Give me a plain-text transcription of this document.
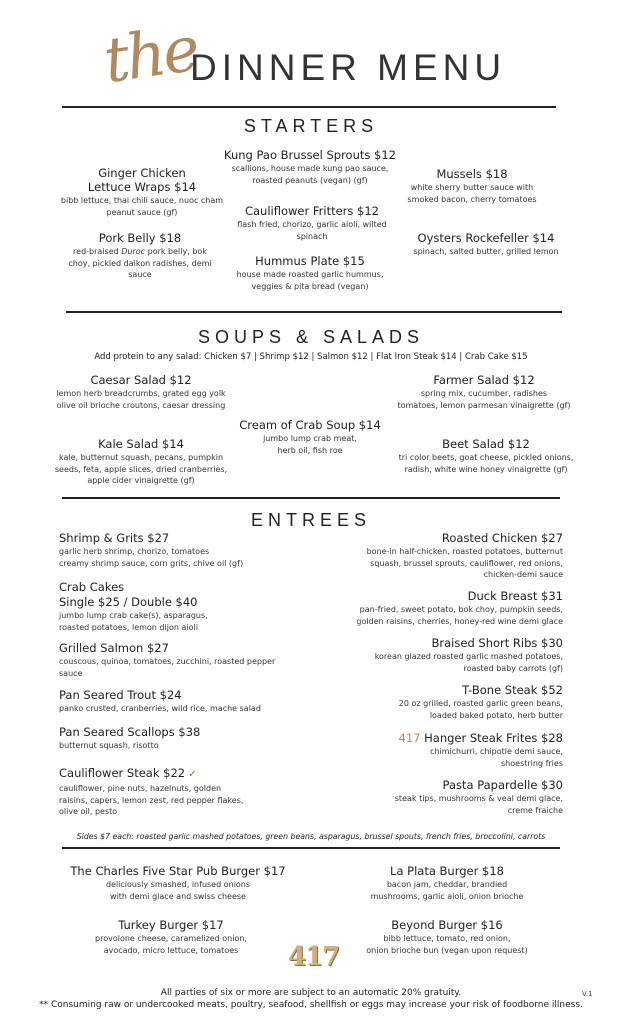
the
DINNER MENU
STARTERS
SOUPS & SALADS
Add protein to any salad: Chicken $7 | Shrimp $12 | Salmon $12 | Flat Iron Steak $14 | Crab Cake $15
ENTREES
Sides $7 each: roasted garlic mashed potatoes, green beans, asparagus, brussel spouts, french fries, broccolini, carrots
417
All parties of six or more are subject to an automatic 20% gratuity.
** Consuming raw or undercooked meats, poultry, seafood, shellfish or eggs may increase your risk of foodborne illness.
V.1
Kung Pao Brussel Sprouts $12
scallions, house made kung pao sauce,
roasted peanuts (vegan) (gf)
Ginger Chicken
Lettuce Wraps $14
bibb lettuce, thai chili sauce, nuoc cham
peanut sauce (gf)
Mussels $18
white sherry butter sauce with
smoked bacon, cherry tomatoes
Cauliflower Fritters $12
flash fried, chorizo, garlic aioli, wilted
spinach
Pork Belly $18
red-braised Duroc pork belly, bok
choy, pickled daikon radishes, demi
sauce
Oysters Rockefeller $14
spinach, salted butter, grilled lemon
Hummus Plate $15
house made roasted garlic hummus,
veggies & pita bread (vegan)
Caesar Salad $12
lemon herb breadcrumbs, grated egg yolk
olive oil brioche croutons, caesar dressing
Farmer Salad $12
spring mix, cucumber, radishes
tomatoes, lemon parmesan vinaigrette (gf)
Cream of Crab Soup $14
jumbo lump crab meat,
herb oil, fish roe
Kale Salad $14
kale, butternut squash, pecans, pumpkin
seeds, feta, apple slices, dried cranberries,
apple cider vinaigrette (gf)
Beet Salad $12
tri color beets, goat cheese, pickled onions,
radish, white wine honey vinaigrette (gf)
Shrimp & Grits $27
garlic herb shrimp, chorizo, tomatoes
creamy shrimp sauce, corn grits, chive oil (gf)
Crab Cakes
Single $25 / Double $40
jumbo lump crab cake(s), asparagus,
roasted potatoes, lemon dijon aioli
Grilled Salmon $27
couscous, quinoa, tomatoes, zucchini, roasted pepper
sauce
Pan Seared Trout $24
panko crusted, cranberries, wild rice, mache salad
Pan Seared Scallops $38
butternut squash, risotto
Cauliflower Steak $22 ✓
cauliflower, pine nuts, hazelnuts, golden
raisins, capers, lemon zest, red pepper flakes,
olive oil, pesto
Roasted Chicken $27
bone-in half-chicken, roasted potatoes, butternut
squash, brussel sprouts, cauliflower, red onions,
chicken-demi sauce
Duck Breast $31
pan-fried, sweet potato, bok choy, pumpkin seeds,
golden raisins, cherries, honey-red wine demi glace
Braised Short Ribs $30
korean glazed roasted garlic mashed potatoes,
roasted baby carrots (gf)
T-Bone Steak $52
20 oz grilled, roasted garlic green beans,
loaded baked potato, herb butter
417 Hanger Steak Frites $28
chimichurri, chipotle demi sauce,
shoestring fries
Pasta Papardelle $30
steak tips, mushrooms & veal demi glace,
creme fraiche
The Charles Five Star Pub Burger $17
deliciously smashed, infused onions
with demi glace and swiss cheese
La Plata Burger $18
bacon jam, cheddar, brandied
mushrooms, garlic aioli, onion brioche
Turkey Burger $17
provolone cheese, caramelized onion,
avocado, micro lettuce, tomatoes
Beyond Burger $16
bibb lettuce, tomato, red onion,
onion brioche bun (vegan upon request)
